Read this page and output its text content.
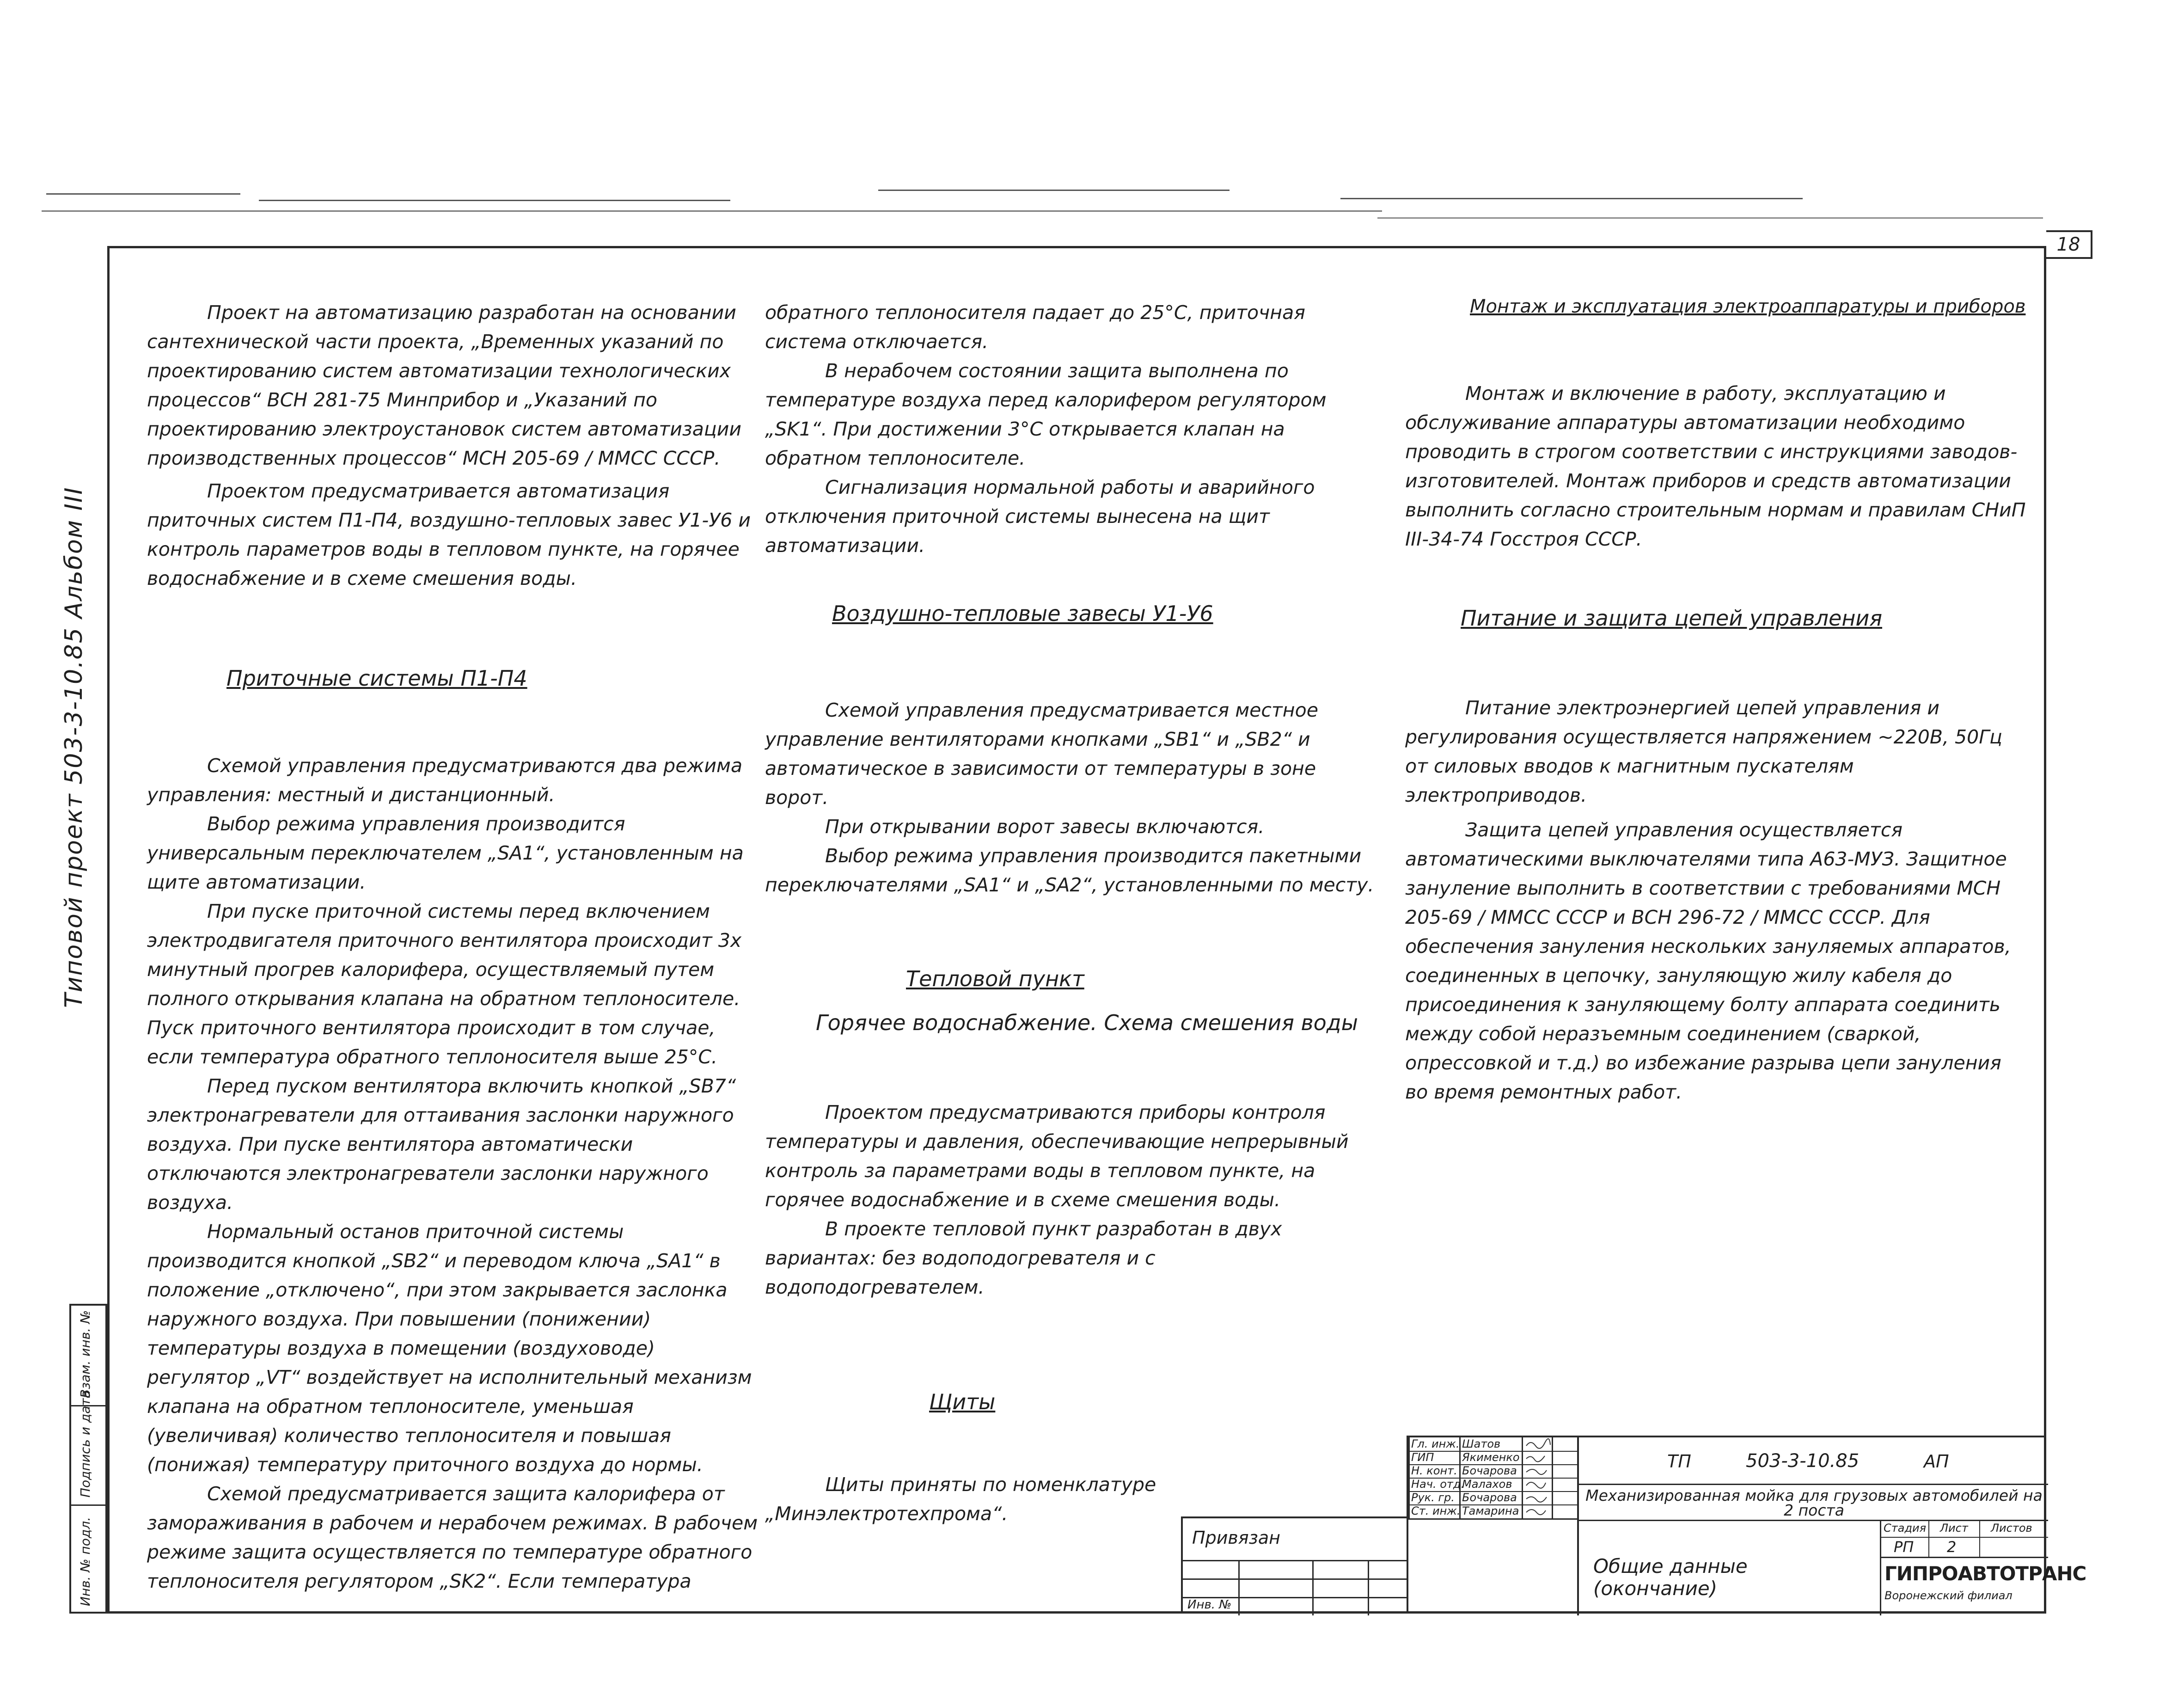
18
Типовой проект 503-3-10.85 Альбом III
Инв. № подл.
Подпись и дата
Взам. инв. №

Проект на автоматизацию разработан на основании сантехнической части проекта, „Временных указаний по проектированию систем автоматизации технологических процессов“ ВСН 281-75 Минприбор и „Указаний по проектированию электроустановок систем автоматизации производственных процессов“ МСН 205-69 / ММСС СССР.

Проектом предусматривается автоматизация приточных систем П1-П4, воздушно-тепловых завес У1-У6 и контроль параметров воды в тепловом пункте, на горячее водоснабжение и в схеме смешения воды.

Приточные системы П1-П4

Схемой управления предусматриваются два режима управления: местный и дистанционный.

Выбор режима управления производится универсальным переключателем „SA1“, установленным на щите автоматизации.

При пуске приточной системы перед включением электродвигателя приточного вентилятора происходит 3х минутный прогрев калорифера, осуществляемый путем полного открывания клапана на обратном теплоносителе. Пуск приточного вентилятора происходит в том случае, если температура обратного теплоносителя выше 25°С.

Перед пуском вентилятора включить кнопкой „SB7“ электронагреватели для оттаивания заслонки наружного воздуха. При пуске вентилятора автоматически отключаются электронагреватели заслонки наружного воздуха.

Нормальный останов приточной системы производится кнопкой „SB2“ и переводом ключа „SA1“ в положение „отключено“, при этом закрывается заслонка наружного воздуха. При повышении (понижении) температуры воздуха в помещении (воздуховоде) регулятор „VT“ воздействует на исполнительный механизм клапана на обратном теплоносителе, уменьшая (увеличивая) количество теплоносителя и повышая (понижая) температуру приточного воздуха до нормы.

Схемой предусматривается защита калорифера от замораживания в рабочем и нерабочем режимах. В рабочем режиме защита осуществляется по температуре обратного теплоносителя регулятором „SK2“. Если температура

обратного теплоносителя падает до 25°С, приточная система отключается.

В нерабочем состоянии защита выполнена по температуре воздуха перед калорифером регулятором „SK1“. При достижении 3°С открывается клапан на обратном теплоносителе.

Сигнализация нормальной работы и аварийного отключения приточной системы вынесена на щит автоматизации.

Воздушно-тепловые завесы У1-У6

Схемой управления предусматривается местное управление вентиляторами кнопками „SB1“ и „SB2“ и автоматическое в зависимости от температуры в зоне ворот.

При открывании ворот завесы включаются.

Выбор режима управления производится пакетными переключателями „SA1“ и „SA2“, установленными по месту.

Тепловой пункт
Горячее водоснабжение. Схема смешения воды

Проектом предусматриваются приборы контроля температуры и давления, обеспечивающие непрерывный контроль за параметрами воды в тепловом пункте, на горячее водоснабжение и в схеме смешения воды.

В проекте тепловой пункт разработан в двух вариантах: без водоподогревателя и с водоподогревателем.

Щиты

Щиты приняты по номенклатуре „Минэлектротехпрома“.

Монтаж и эксплуатация электроаппаратуры и приборов

Монтаж и включение в работу, эксплуатацию и обслуживание аппаратуры автоматизации необходимо проводить в строгом соответствии с инструкциями заводов-изготовителей. Монтаж приборов и средств автоматизации выполнить согласно строительным нормам и правилам СНиП III-34-74 Госстроя СССР.

Питание и защита цепей управления

Питание электроэнергией цепей управления и регулирования осуществляется напряжением ~220В, 50Гц от силовых вводов к магнитным пускателям электроприводов.

Защита цепей управления осуществляется автоматическими выключателями типа А63-МУЗ. Защитное зануление выполнить в соответствии с требованиями МСН 205-69 / ММСС СССР и ВСН 296-72 / ММСС СССР. Для обеспечения зануления нескольких зануляемых аппаратов, соединенных в цепочку, зануляющую жилу кабеля до присоединения к зануляющему болту аппарата соединить между собой неразъемным соединением (сваркой, опрессовкой и т.д.) во избежание разрыва цепи зануления во время ремонтных работ.

Привязан
Инв. №
Гл. инж.
ГИП
Н. конт.
Нач. отд.
Рук. гр.
Ст. инж.
Шатов
Якименко
Бочарова
Малахов
Бочарова
Тамарина
ТП	503-3-10.85	АП
Механизированная мойка для грузовых автомобилей на 2 поста
Стадия Лист Листов
РП 2
Общие данные (окончание)
ГИПРОАВТОТРАНС
Воронежский филиал
